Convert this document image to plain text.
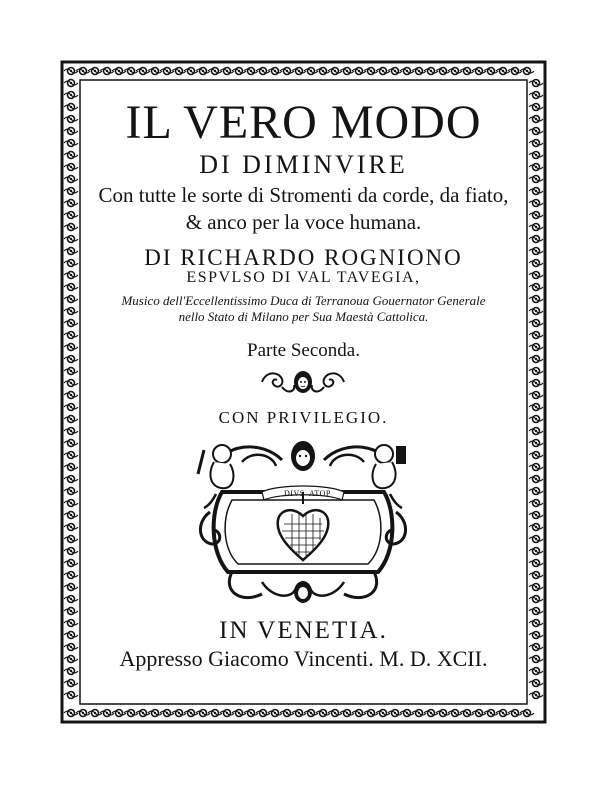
IL VERO MODO
DI DIMINVIRE
Con tutte le sorte di Stromenti da corde, da fiato,
& anco per la voce humana.
DI RICHARDO ROGNIONO
ESPVLSO DI VAL TAVEGIA,
Musico dell'Eccellentissimo Duca di Terranoua Gouernator Generale
nello Stato di Milano per Sua Maestà Cattolica.
Parte Seconda.
CON PRIVILEGIO.
DIVS ATOP
IN VENETIA.
Appresso Giacomo Vincenti. M. D. XCII.
